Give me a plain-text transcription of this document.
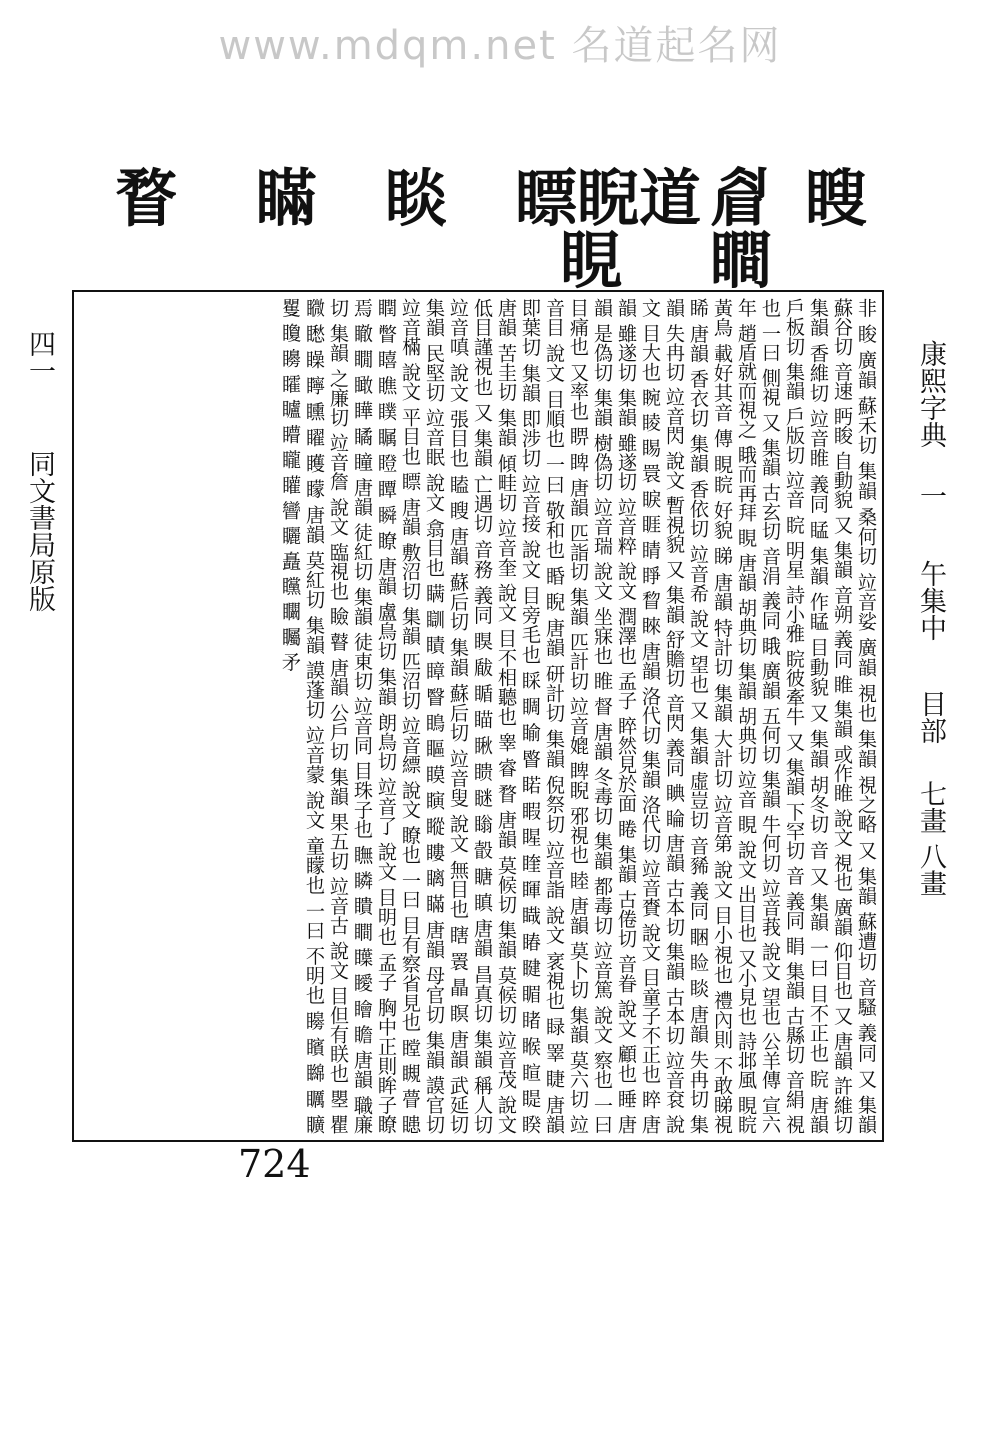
www.mdqm.net 名道起名网
瞍
睂
瞷
瞟睨道
睍
睒
瞞
瞀
康熙字典
一
午集中
目部
七畫 八畫
非 睃 廣韻 蘇禾切 集韻 桑何切 竝音娑 廣韻 視也 集韻 視之略 又 集韻 蘇遭切 音騷 義同 又 集韻 蘇谷切 音速 眄睃 自動貌 又 集韻 音朔 義同 睢 集韻 或作睢 說文 視也 廣韻 仰目也 又 唐韻 許維切 集韻 香維切 竝音睢 義同 䁅 集韻 作䁅 目動貌 又 集韻 胡冬切 音 又 集韻 一曰 目不正也 睆 唐韻 戶板切 集韻 戶版切 竝音 睆 明星 詩小雅 睆彼牽牛 又 集韻 下罕切 音 義同 睊 集韻 古縣切 音絹 視也 一曰 側視 又 集韻 古玄切 音涓 義同 睋 廣韻 五何切 集韻 牛何切 竝音莪 說文 望也 公羊傳 宣六年 趙盾就而視之 睋而再拜 睍 唐韻 胡典切 集韻 胡典切 竝音 睍 說文 出目也 又小見也 詩邶風 睍睆黃鳥 載好其音 傳 睍睆 好貌 睇 唐韻 特計切 集韻 大計切 竝音第 說文 目小視也 禮內則 不敢睇視 睎 唐韻 香衣切 集韻 香依切 竝音希 說文 望也 又 集韻 虛豈切 音豨 義同 睏 睑 睒 唐韻 失冉切 集韻 失冉切 竝音閃 說文 暫視貌 又 集韻 舒贍切 音閃 義同 睓 睔 唐韻 古本切 集韻 古本切 竝音袞 說文 目大也 睕 睖 睗 睘 睙 睚 睛 睜 睝 睞 唐韻 洛代切 集韻 洛代切 竝音賚 說文 目童子不正也 睟 唐韻 雖遂切 集韻 雖遂切 竝音粹 說文 潤澤也 孟子 睟然見於面 睠 集韻 古倦切 音眷 說文 顧也 睡 唐韻 是偽切 集韻 樹偽切 竝音瑞 說文 坐寐也 睢 督 唐韻 冬毒切 集韻 都毒切 竝音篤 說文 察也 一曰 目痛也 又率也 睤 睥 唐韻 匹詣切 集韻 匹計切 竝音媲 睥睨 邪視也 睦 唐韻 莫卜切 集韻 莫六切 竝音目 說文 目順也 一曰 敬和也 睧 睨 唐韻 研計切 集韻 倪祭切 竝音詣 說文 衺視也 睩 睪 睫 唐韻 即葉切 集韻 即涉切 竝音接 說文 目旁毛也 睬 睭 睮 睯 睰 睱 睲 睳 睴 睵 睶 睷 睸 睹 睺 睻 睼 睽 唐韻 苦圭切 集韻 傾畦切 竝音奎 說文 目不相聽也 睾 睿 瞀 唐韻 莫候切 集韻 莫候切 竝音茂 說文 低目謹視也 又 集韻 亡遇切 音務 義同 瞁 瞂 瞃 瞄 瞅 瞆 瞇 瞈 瞉 瞊 瞋 唐韻 昌真切 集韻 稱人切 竝音嗔 說文 張目也 瞌 瞍 唐韻 蘇后切 集韻 蘇后切 竝音叟 說文 無目也 瞎 瞏 瞐 瞑 唐韻 武延切 集韻 民堅切 竝音眠 說文 翕目也 瞒 瞓 瞔 瞕 瞖 瞗 瞘 瞙 瞚 瞛 瞜 瞝 瞞 唐韻 母官切 集韻 謨官切 竝音樠 說文 平目也 瞟 唐韻 敷沼切 集韻 匹沼切 竝音縹 說文 瞭也 一曰 目有察省見也 瞠 瞡 瞢 瞣 瞤 瞥 瞦 瞧 瞨 瞩 瞪 瞫 瞬 瞭 唐韻 盧鳥切 集韻 朗鳥切 竝音了 說文 目明也 孟子 胸中正則眸子瞭焉 瞮 瞯 瞰 瞱 瞲 瞳 唐韻 徒紅切 集韻 徒東切 竝音同 目珠子也 瞴 瞵 瞶 瞷 瞸 瞹 瞺 瞻 唐韻 職廉切 集韻 之廉切 竝音詹 說文 臨視也 瞼 瞽 唐韻 公戶切 集韻 果五切 竝音古 說文 目但有眹也 瞾 瞿 矀 矁 矂 矃 矄 矅 矆 矇 唐韻 莫紅切 集韻 謨蓬切 竝音蒙 說文 童矇也 一曰 不明也 矈 矉 矊 矋 矌 矍 矎 矏 矐 矑 矒 矓 矔 矕 矖 矗 矘 矙 矚 矛
四一
同文書局原版
724
